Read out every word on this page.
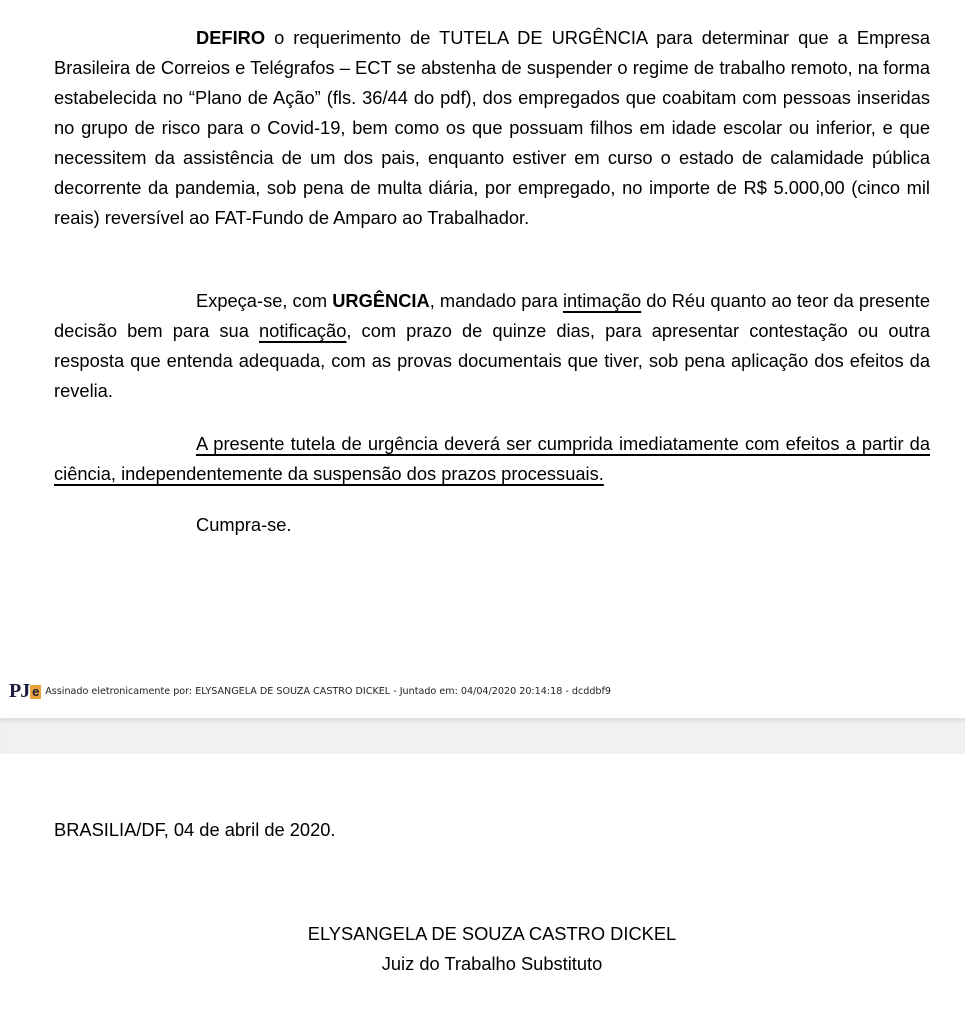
DEFIRO o requerimento de TUTELA DE URGÊNCIA para determinar que a Empresa Brasileira de Correios e Telégrafos – ECT se abstenha de suspender o regime de trabalho remoto, na forma estabelecida no “Plano de Ação” (fls. 36/44 do pdf), dos empregados que coabitam com pessoas inseridas no grupo de risco para o Covid-19, bem como os que possuam filhos em idade escolar ou inferior, e que necessitem da assistência de um dos pais, enquanto estiver em curso o estado de calamidade pública decorrente da pandemia, sob pena de multa diária, por empregado, no importe de R$ 5.000,00 (cinco mil reais) reversível ao FAT-Fundo de Amparo ao Trabalhador.

Expeça-se, com URGÊNCIA, mandado para intimação do Réu quanto ao teor da presente decisão bem para sua notificação, com prazo de quinze dias, para apresentar contestação ou outra resposta que entenda adequada, com as provas documentais que tiver, sob pena aplicação dos efeitos da revelia.

A presente tutela de urgência deverá ser cumprida imediatamente com efeitos a partir da ciência, independentemente da suspensão dos prazos processuais.

Cumpra-se.

PJ e Assinado eletronicamente por: ELYSANGELA DE SOUZA CASTRO DICKEL - Juntado em: 04/04/2020 20:14:18 - dcddbf9
BRASILIA/DF, 04 de abril de 2020.
ELYSANGELA DE SOUZA CASTRO DICKEL
Juiz do Trabalho Substituto
